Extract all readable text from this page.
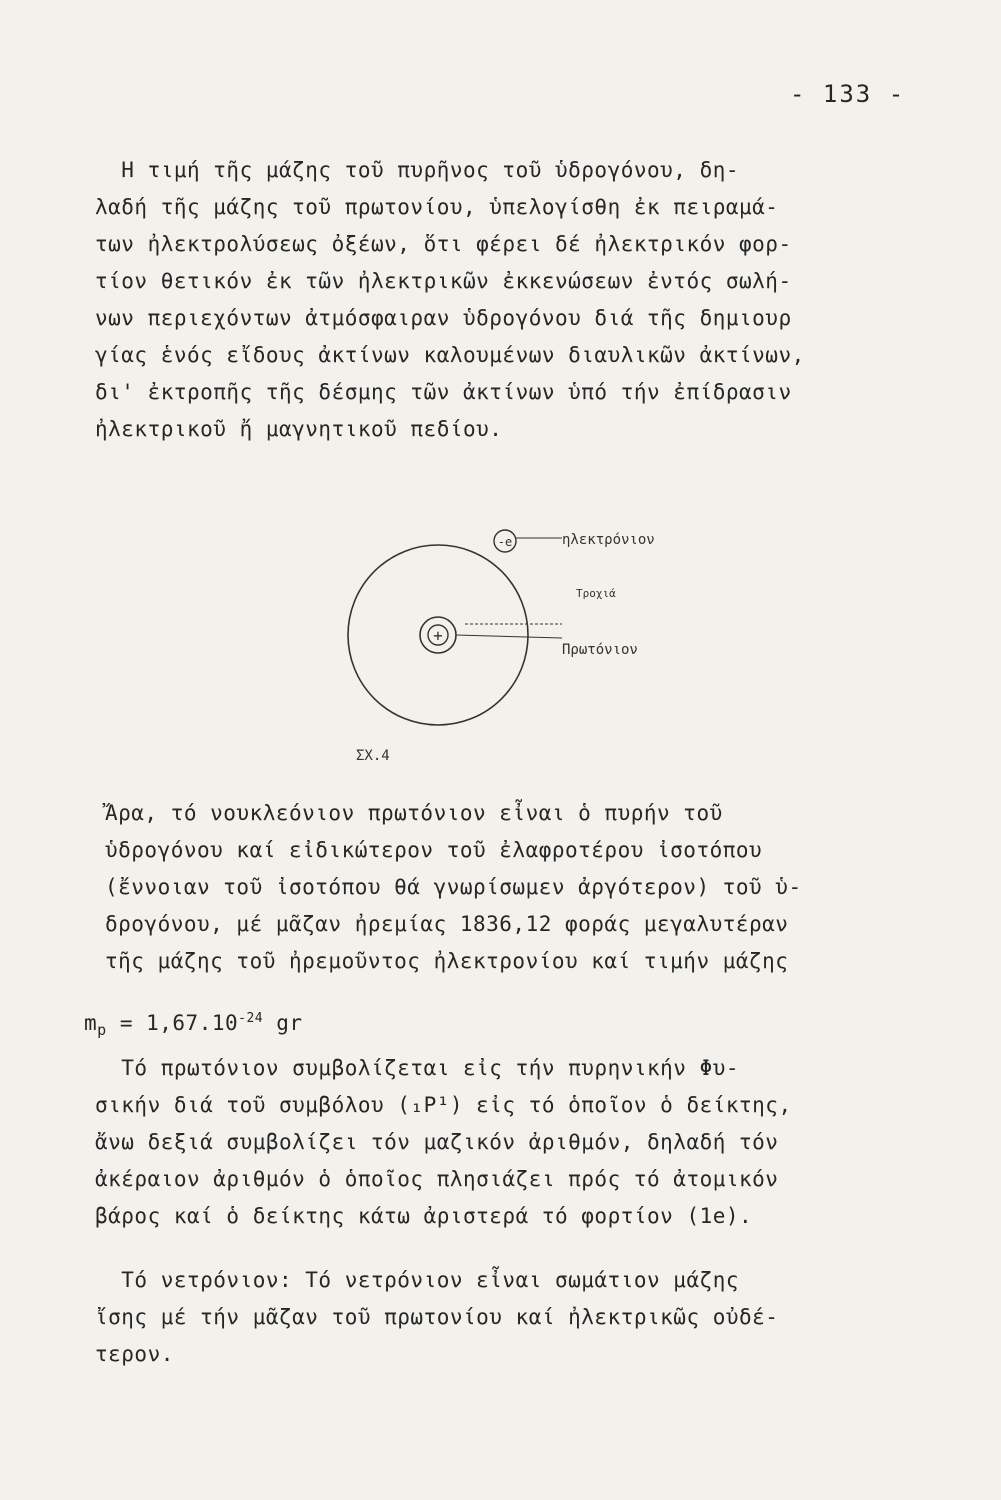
- 133 -
Η τιμή τῆς μάζης τοῦ πυρῆνος τοῦ ὑδρογόνου, δη-
λαδή τῆς μάζης τοῦ πρωτονίου, ὑπελογίσθη ἐκ πειραμά-
των ἠλεκτρολύσεως ὀξέων, ὅτι φέρει δέ ἠλεκτρικόν φορ-
τίον θετικόν ἐκ τῶν ἠλεκτρικῶν ἐκκενώσεων ἐντός σωλή-
νων περιεχόντων ἀτμόσφαιραν ὑδρογόνου διά τῆς δημιουρ
γίας ἑνός εἴδους ἀκτίνων καλουμένων διαυλικῶν ἀκτίνων,
δι' ἐκτροπῆς τῆς δέσμης τῶν ἀκτίνων ὑπό τήν ἐπίδρασιν
ἠλεκτρικοῦ ἤ μαγνητικοῦ πεδίου.
+
-e	ηλεκτρόνιον
Τροχιά
Πρωτόνιον
ΣΧ.4
Ἄρα, τό νουκλεόνιον πρωτόνιον εἶναι ὁ πυρήν τοῦ
ὑδρογόνου καί εἰδικώτερον τοῦ ἐλαφροτέρου ἰσοτόπου
(ἔννοιαν τοῦ ἰσοτόπου θά γνωρίσωμεν ἀργότερον) τοῦ ὑ-
δρογόνου, μέ μᾶζαν ἠρεμίας 1836,12 φοράς μεγαλυτέραν
τῆς μάζης τοῦ ἠρεμοῦντος ἠλεκτρονίου καί τιμήν μάζης
$m_p = 1,67.10^{-24}$ gr
Τό πρωτόνιον συμβολίζεται εἰς τήν πυρηνικήν Φυ-
σικήν διά τοῦ συμβόλου (₁P¹) εἰς τό ὁποῖον ὁ δείκτης,
ἄνω δεξιά συμβολίζει τόν μαζικόν ἀριθμόν, δηλαδή τόν
ἀκέραιον ἀριθμόν ὁ ὁποῖος πλησιάζει πρός τό ἀτομικόν
βάρος καί ὁ δείκτης κάτω ἀριστερά τό φορτίον (1e).
Τό νετρόνιον: Τό νετρόνιον εἶναι σωμάτιον μάζης
ἴσης μέ τήν μᾶζαν τοῦ πρωτονίου καί ἠλεκτρικῶς οὐδέ-
τερον.
